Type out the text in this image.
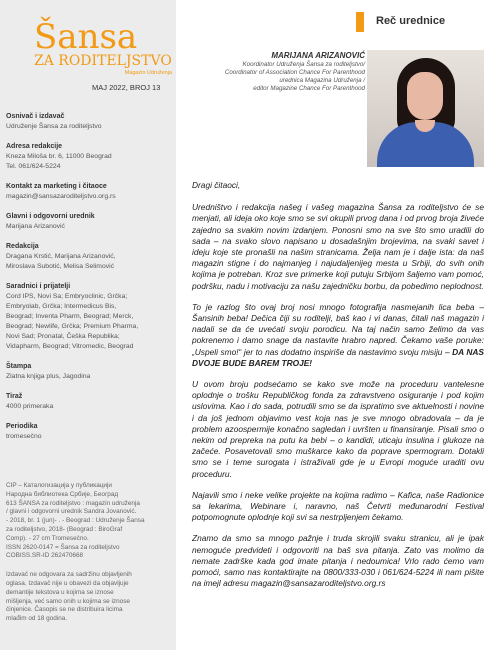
Reč urednice
Šansa
ZA RODITELJSTVO
Magazin Udruženja
MAJ 2022, BROJ 13
Osnivač i izdavač
Udruženje Šansa za roditeljstvo
Adresa redakcije
Kneza Miloša br. 6, 11000 Beograd
Tel. 061/624-5224
Kontakt za marketing i čitaoce
magazin@sansazaroditeljstvo.org.rs
Glavni i odgovorni urednik
Marijana Arizanović
Redakcija
Dragana Krstić, Marijana Arizanović,
Miroslava Subotić, Melisa Selimović
Saradnici i prijatelji
Cord IPS, Novi Sa; Embryoclinic, Grčka;
Embryolab, Grčka; Intermedicus Bis,
Beograd; Inventa Pharm, Beograd; Merck,
Beograd; Newlife, Grčka; Premium Pharma,
Novi Sad; Pronatal, Češka Republika;
Vidapharm, Beograd; Vitromedic, Beograd
Štampa
Zlatna knjiga plus, Jagodina
Tiraž
4000 primeraka
Periodika
tromesečno
CIP – Каталогизација у публикацији
Народна библиотека Србије, Београд
613 ŠANSA za roditeljstvo : magazin udruženja
/ glavni i odgovorni urednik Sandra Jovanović.
- 2018, br. 1 (jun)- . - Beograd : Udruženje Šansa
za roditeljstvo, 2018- (Beograd : BiroGraf
Comp). - 27 cm Tromesečno.
ISSN 2620-0147 = Šansa za roditeljstvo
COBISS.SR-ID 262470668
Izdavač ne odgovara za sadržinu objavljenih
oglasa. Izdavač nije u obavezi da objavljuje
demantije tekstova u kojima se iznose
mišljenja, već samo onih u kojima se iznose
činjenice. Časopis se ne distribuira licima
mlađim od 18 godina.
MARIJANA ARIZANOVIĆ
Koordinator Udruženja Šansa za roditeljstvo/
Coordinator of Association Chance For Parenthood
urednica Magazina Udruženja /
editor Magazine Chance For Parenthood
Dragi čitaoci,

Uredništvo i redakcija našeg i vašeg magazina Šansa za roditeljstvo će se menjati, ali ideja oko koje smo se svi okupili prvog dana i od prvog broja živeće zajedno sa svakim novim izdanjem. Ponosni smo na sve što smo uradili do sada – na svako slovo napisano u dosadašnjim brojevima, na svaki savet i ideju koje ste pronašli na našim stranicama. Želja nam je i dalje ista: da naš magazin stigne i do najmanjeg i najudaljenijeg mesta u Srbiji, do svih onih kojima je potreban. Kroz sve primerke koji putuju Srbijom šaljemo vam pomoć, podršku, nadu i motivaciju za našu zajedničku borbu, da pobedimo neplodnost.

To je razlog što ovaj broj nosi mnogo fotografija nasmejanih lica beba – Šansinih beba! Dečica čiji su roditelji, baš kao i vi danas, čitali naš magazin i nadali se da će uvećati svoju porodicu. Na taj način samo želimo da vas pokrenemo i damo snage da nastavite hrabro napred. Čekamo vaše poruke: „Uspeli smo!“ jer to nas dodatno inspiriše da nastavimo svoju misiju – DA NAS DVOJE BUDE BAREM TROJE!

U ovom broju podsećamo se kako sve može na proceduru vantelesne oplodnje o trošku Republičkog fonda za zdravstveno osiguranje i pod kojim uslovima. Kao i do sada, potrudili smo se da ispratimo sve aktuelnosti i novine i da još jednom objavimo vest koja nas je sve mnogo obradovala – da je problem azoospermije konačno sagledan i uvršten u finansiranje. Pisali smo o nekim od prepreka na putu ka bebi – o kandidi, uticaju insulina i glukoze na začeće. Posavetovali smo muškarce kako da poprave spermogram. Dotakli smo se i teme surogata i istraživali gde je u Evropi moguće uraditi ovu proceduru.

Najavili smo i neke velike projekte na kojima radimo – Kafica, naše Radionice sa lekarima, Webinare i, naravno, naš Četvrti međunarodni Festival potpomognute oplodnje koji svi sa nestrpljenjem čekamo.

Znamo da smo sa mnogo pažnje i truda skrojili svaku stranicu, ali je ipak nemoguće predvideti i odgovoriti na baš sva pitanja. Zato vas molimo da nemate zadrške kada god imate pitanja i nedoumica! Vrlo rado ćemo vam pomoći, samo nas kontaktirajte na 0800/333-030 i 061/624-5224 ili nam pišite na imejl adresu magazin@sansazaroditeljstvo.org.rs
